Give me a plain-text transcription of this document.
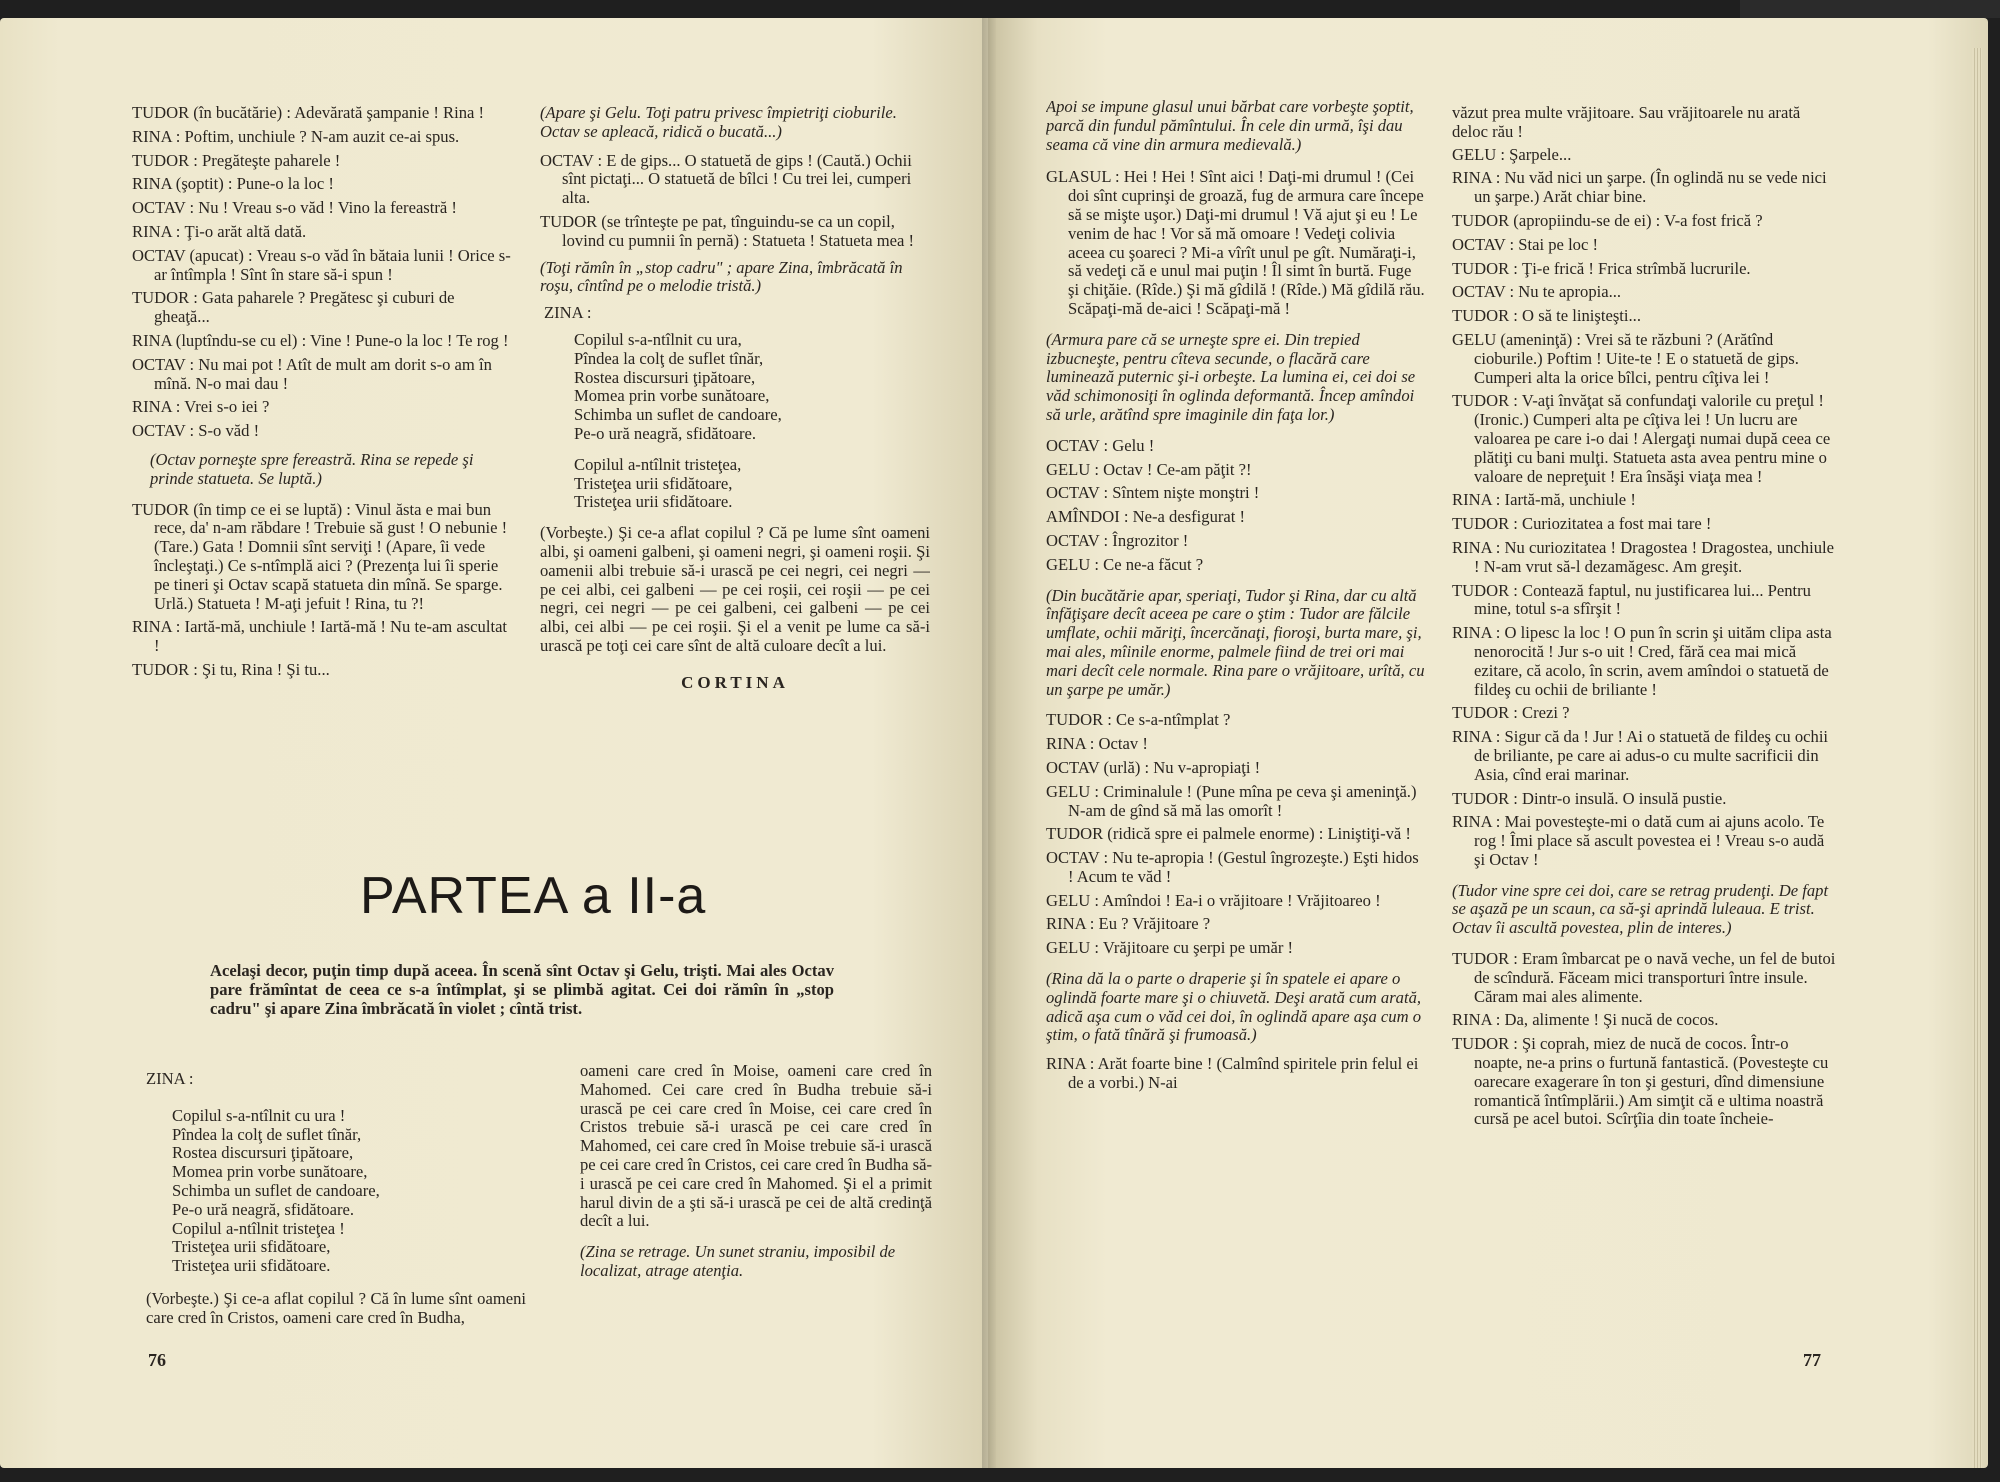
TUDOR (în bucătărie) : Adevărată şampanie ! Rina !

RINA : Poftim, unchiule ? N-am auzit ce-ai spus.

TUDOR : Pregăteşte paharele !

RINA (şoptit) : Pune-o la loc !

OCTAV : Nu ! Vreau s-o văd ! Vino la fereastră !

RINA : Ţi-o arăt altă dată.

OCTAV (apucat) : Vreau s-o văd în bătaia lunii ! Orice s-ar întîmpla ! Sînt în stare să-i spun !

TUDOR : Gata paharele ? Pregătesc şi cuburi de gheaţă...

RINA (luptîndu-se cu el) : Vine ! Pune-o la loc ! Te rog !

OCTAV : Nu mai pot ! Atît de mult am dorit s-o am în mînă. N-o mai dau !

RINA : Vrei s-o iei ?

OCTAV : S-o văd !

(Octav porneşte spre fereastră. Rina se repede şi prinde statueta. Se luptă.)

TUDOR (în timp ce ei se luptă) : Vinul ăsta e mai bun rece, da' n-am răbdare ! Trebuie să gust ! O nebunie ! (Tare.) Gata ! Domnii sînt serviţi ! (Apare, îi vede încleştaţi.) Ce s-ntîmplă aici ? (Prezenţa lui îi sperie pe tineri şi Octav scapă statueta din mînă. Se sparge. Urlă.) Statueta ! M-aţi jefuit ! Rina, tu ?!

RINA : Iartă-mă, unchiule ! Iartă-mă ! Nu te-am ascultat !

TUDOR : Şi tu, Rina ! Şi tu...

(Apare şi Gelu. Toţi patru privesc împietriţi cioburile. Octav se apleacă, ridică o bucată...)

OCTAV : E de gips... O statuetă de gips ! (Caută.) Ochii sînt pictaţi... O statuetă de bîlci ! Cu trei lei, cumperi alta.

TUDOR (se trînteşte pe pat, tînguindu-se ca un copil, lovind cu pumnii în pernă) : Statueta ! Statueta mea !

(Toţi rămîn în „stop cadru" ; apare Zina, îmbrăcată în roşu, cîntînd pe o melodie tristă.)

ZINA :
Copilul s-a-ntîlnit cu ura,
Pîndea la colţ de suflet tînăr,
Rostea discursuri ţipătoare,
Momea prin vorbe sunătoare,
Schimba un suflet de candoare,
Pe-o ură neagră, sfidătoare.
Copilul a-ntîlnit tristeţea,
Tristeţea urii sfidătoare,
Tristeţea urii sfidătoare.

(Vorbeşte.) Şi ce-a aflat copilul ? Că pe lume sînt oameni albi, şi oameni galbeni, şi oameni negri, şi oameni roşii. Şi oamenii albi trebuie să-i urască pe cei negri, cei negri — pe cei albi, cei galbeni — pe cei roşii, cei roşii — pe cei negri, cei negri — pe cei galbeni, cei galbeni — pe cei albi, cei albi — pe cei roşii. Şi el a venit pe lume ca să-i urască pe toţi cei care sînt de altă culoare decît a lui.

CORTINA
PARTEA a II-a
Acelaşi decor, puţin timp după aceea. În scenă sînt Octav şi Gelu, trişti. Mai ales Octav pare frămîntat de ceea ce s-a întîmplat, şi se plimbă agitat. Cei doi rămîn în „stop cadru" şi apare Zina îmbrăcată în violet ; cîntă trist.
ZINA :
Copilul s-a-ntîlnit cu ura !
Pîndea la colţ de suflet tînăr,
Rostea discursuri ţipătoare,
Momea prin vorbe sunătoare,
Schimba un suflet de candoare,
Pe-o ură neagră, sfidătoare.
Copilul a-ntîlnit tristeţea !
Tristeţea urii sfidătoare,
Tristeţea urii sfidătoare.

(Vorbeşte.) Şi ce-a aflat copilul ? Că în lume sînt oameni care cred în Cristos, oameni care cred în Budha,

oameni care cred în Moise, oameni care cred în Mahomed. Cei care cred în Budha trebuie să-i urască pe cei care cred în Moise, cei care cred în Cristos trebuie să-i urască pe cei care cred în Mahomed, cei care cred în Moise trebuie să-i urască pe cei care cred în Cristos, cei care cred în Budha să-i urască pe cei care cred în Mahomed. Şi el a primit harul divin de a şti să-i urască pe cei de altă credinţă decît a lui.

(Zina se retrage. Un sunet straniu, imposibil de localizat, atrage atenţia.

76

Apoi se impune glasul unui bărbat care vorbeşte şoptit, parcă din fundul pămîntului. În cele din urmă, îşi dau seama că vine din armura medievală.)

GLASUL : Hei ! Hei ! Sînt aici ! Daţi-mi drumul ! (Cei doi sînt cuprinşi de groază, fug de armura care începe să se mişte uşor.) Daţi-mi drumul ! Vă ajut şi eu ! Le venim de hac ! Vor să mă omoare ! Vedeţi colivia aceea cu şoareci ? Mi-a vîrît unul pe gît. Număraţi-i, să vedeţi că e unul mai puţin ! Îl simt în burtă. Fuge şi chiţăie. (Rîde.) Şi mă gîdilă ! (Rîde.) Mă gîdilă rău. Scăpaţi-mă de-aici ! Scăpaţi-mă !

(Armura pare că se urneşte spre ei. Din trepied izbucneşte, pentru cîteva secunde, o flacără care luminează puternic şi-i orbeşte. La lumina ei, cei doi se văd schimonosiţi în oglinda deformantă. Încep amîndoi să urle, arătînd spre imaginile din faţa lor.)

OCTAV : Gelu !

GELU : Octav ! Ce-am păţit ?!

OCTAV : Sîntem nişte monştri !

AMÎNDOI : Ne-a desfigurat !

OCTAV : Îngrozitor !

GELU : Ce ne-a făcut ?

(Din bucătărie apar, speriaţi, Tudor şi Rina, dar cu altă înfăţişare decît aceea pe care o ştim : Tudor are fălcile umflate, ochii măriţi, încercănaţi, fioroşi, burta mare, şi, mai ales, mîinile enorme, palmele fiind de trei ori mai mari decît cele normale. Rina pare o vrăjitoare, urîtă, cu un şarpe pe umăr.)

TUDOR : Ce s-a-ntîmplat ?

RINA : Octav !

OCTAV (urlă) : Nu v-apropiaţi !

GELU : Criminalule ! (Pune mîna pe ceva şi ameninţă.) N-am de gînd să mă las omorît !

TUDOR (ridică spre ei palmele enorme) : Liniştiţi-vă !

OCTAV : Nu te-apropia ! (Gestul îngrozeşte.) Eşti hidos ! Acum te văd !

GELU : Amîndoi ! Ea-i o vrăjitoare ! Vrăjitoareo !

RINA : Eu ? Vrăjitoare ?

GELU : Vrăjitoare cu şerpi pe umăr !

(Rina dă la o parte o draperie şi în spatele ei apare o oglindă foarte mare şi o chiuvetă. Deşi arată cum arată, adică aşa cum o văd cei doi, în oglindă apare aşa cum o ştim, o fată tînără şi frumoasă.)

RINA : Arăt foarte bine ! (Calmînd spiritele prin felul ei de a vorbi.) N-ai

văzut prea multe vrăjitoare. Sau vrăjitoarele nu arată deloc rău !

GELU : Şarpele...

RINA : Nu văd nici un şarpe. (În oglindă nu se vede nici un şarpe.) Arăt chiar bine.

TUDOR (apropiindu-se de ei) : V-a fost frică ?

OCTAV : Stai pe loc !

TUDOR : Ţi-e frică ! Frica strîmbă lucrurile.

OCTAV : Nu te apropia...

TUDOR : O să te linişteşti...

GELU (ameninţă) : Vrei să te răzbuni ? (Arătînd cioburile.) Poftim ! Uite-te ! E o statuetă de gips. Cumperi alta la orice bîlci, pentru cîţiva lei !

TUDOR : V-aţi învăţat să confundaţi valorile cu preţul ! (Ironic.) Cumperi alta pe cîţiva lei ! Un lucru are valoarea pe care i-o dai ! Alergaţi numai după ceea ce plătiţi cu bani mulţi. Statueta asta avea pentru mine o valoare de nepreţuit ! Era însăşi viaţa mea !

RINA : Iartă-mă, unchiule !

TUDOR : Curiozitatea a fost mai tare !

RINA : Nu curiozitatea ! Dragostea ! Dragostea, unchiule ! N-am vrut să-l dezamăgesc. Am greşit.

TUDOR : Contează faptul, nu justificarea lui... Pentru mine, totul s-a sfîrşit !

RINA : O lipesc la loc ! O pun în scrin şi uităm clipa asta nenorocită ! Jur s-o uit ! Cred, fără cea mai mică ezitare, că acolo, în scrin, avem amîndoi o statuetă de fildeş cu ochii de briliante !

TUDOR : Crezi ?

RINA : Sigur că da ! Jur ! Ai o statuetă de fildeş cu ochii de briliante, pe care ai adus-o cu multe sacrificii din Asia, cînd erai marinar.

TUDOR : Dintr-o insulă. O insulă pustie.

RINA : Mai povesteşte-mi o dată cum ai ajuns acolo. Te rog ! Îmi place să ascult povestea ei ! Vreau s-o audă şi Octav !

(Tudor vine spre cei doi, care se retrag prudenţi. De fapt se aşază pe un scaun, ca să-şi aprindă luleaua. E trist. Octav îi ascultă povestea, plin de interes.)

TUDOR : Eram îmbarcat pe o navă veche, un fel de butoi de scîndură. Făceam mici transporturi între insule. Căram mai ales alimente.

RINA : Da, alimente ! Şi nucă de cocos.

TUDOR : Şi coprah, miez de nucă de cocos. Într-o noapte, ne-a prins o furtună fantastică. (Povesteşte cu oarecare exagerare în ton şi gesturi, dînd dimensiune romantică întîmplării.) Am simţit că e ultima noastră cursă pe acel butoi. Scîrţîia din toate încheie-

77
